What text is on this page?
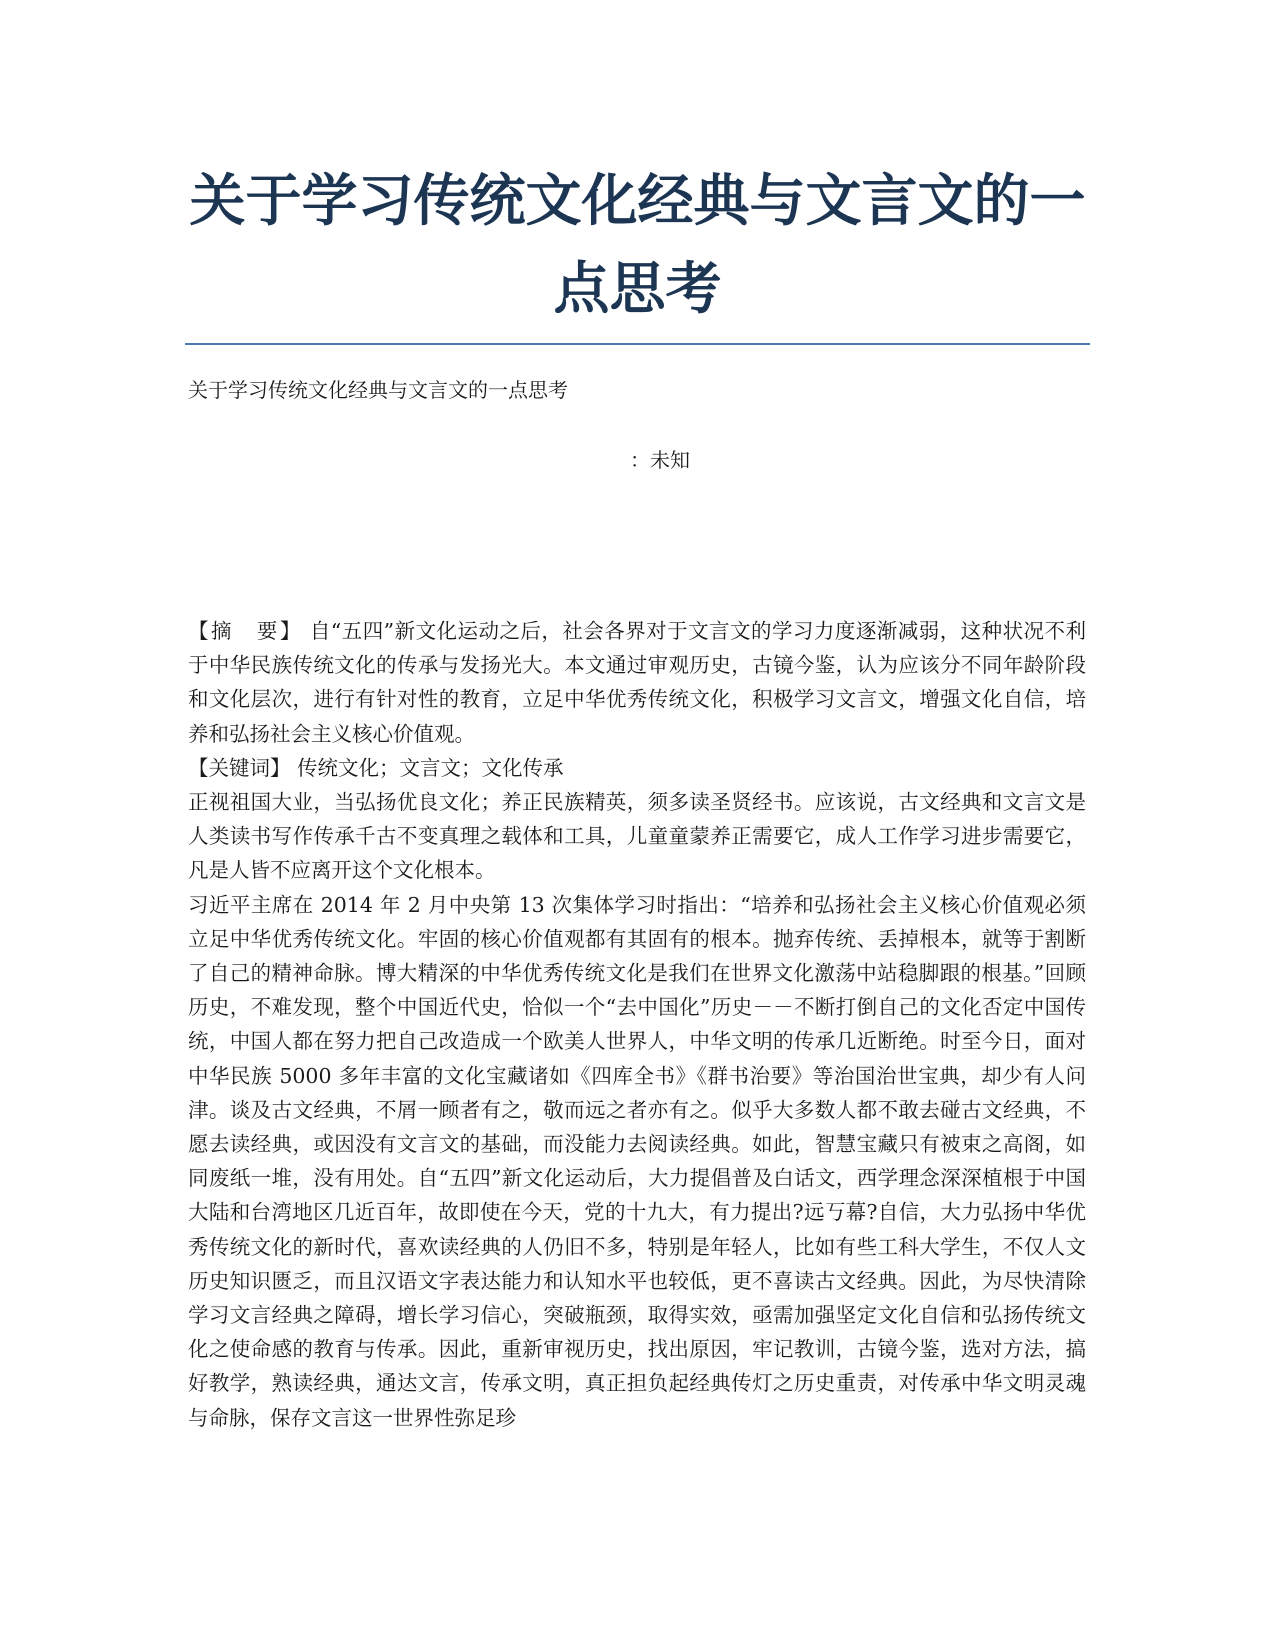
关于学习传统文化经典与文言文的一点思考

关于学习传统文化经典与文言文的一点思考

：未知

【摘　要】 自“五四”新文化运动之后，社会各界对于文言文的学习力度逐渐减弱，这种状况不利于中华民族传统文化的传承与发扬光大。本文通过审观历史，古镜今鉴，认为应该分不同年龄阶段和文化层次，进行有针对性的教育，立足中华优秀传统文化，积极学习文言文，增强文化自信，培养和弘扬社会主义核心价值观。

【关键词】 传统文化；文言文；文化传承

正视祖国大业，当弘扬优良文化；养正民族精英，须多读圣贤经书。应该说，古文经典和文言文是人类读书写作传承千古不变真理之载体和工具，儿童童蒙养正需要它，成人工作学习进步需要它，凡是人皆不应离开这个文化根本。

习近平主席在 2014 年 2 月中央第 13 次集体学习时指出：“培养和弘扬社会主义核心价值观必须立足中华优秀传统文化。牢固的核心价值观都有其固有的根本。抛弃传统、丢掉根本，就等于割断了自己的精神命脉。博大精深的中华优秀传统文化是我们在世界文化激荡中站稳脚跟的根基。”回顾历史，不难发现，整个中国近代史，恰似一个“去中国化”历史－－不断打倒自己的文化否定中国传统，中国人都在努力把自己改造成一个欧美人世界人，中华文明的传承几近断绝。时至今日，面对中华民族 5000 多年丰富的文化宝藏诸如《四库全书》《群书治要》等治国治世宝典，却少有人问津。谈及古文经典，不屑一顾者有之，敬而远之者亦有之。似乎大多数人都不敢去碰古文经典，不愿去读经典，或因没有文言文的基础，而没能力去阅读经典。如此，智慧宝藏只有被束之高阁，如同废纸一堆，没有用处。自“五四”新文化运动后，大力提倡普及白话文，西学理念深深植根于中国大陆和台湾地区几近百年，故即使在今天，党的十九大，有力提出?远丂幕?自信，大力弘扬中华优秀传统文化的新时代，喜欢读经典的人仍旧不多，特别是年轻人，比如有些工科大学生，不仅人文历史知识匮乏，而且汉语文字表达能力和认知水平也较低，更不喜读古文经典。因此，为尽快清除学习文言经典之障碍，增长学习信心，突破瓶颈，取得实效，亟需加强坚定文化自信和弘扬传统文化之使命感的教育与传承。因此，重新审视历史，找出原因，牢记教训，古镜今鉴，选对方法，搞好教学，熟读经典，通达文言，传承文明，真正担负起经典传灯之历史重责，对传承中华文明灵魂与命脉，保存文言这一世界性弥足珍
